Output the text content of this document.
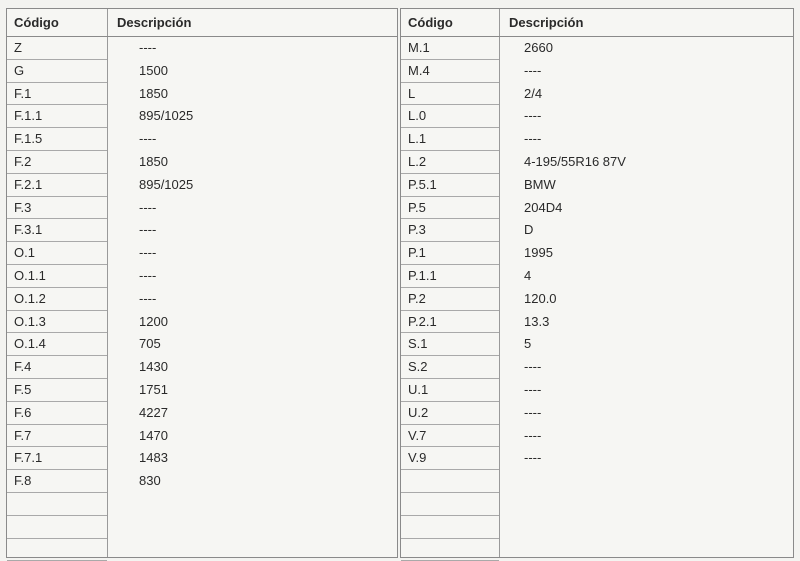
Código	Descripción
Z	----
G	1500
F.1	1850
F.1.1	895/1025
F.1.5	----
F.2	1850
F.2.1	895/1025
F.3	----
F.3.1	----
O.1	----
O.1.1	----
O.1.2	----
O.1.3	1200
O.1.4	705
F.4	1430
F.5	1751
F.6	4227
F.7	1470
F.7.1	1483
F.8	830
Código	Descripción
M.1	2660
M.4	----
L	2/4
L.0	----
L.1	----
L.2	4-195/55R16 87V
P.5.1	BMW
P.5	204D4
P.3	D
P.1	1995
P.1.1	4
P.2	120.0
P.2.1	13.3
S.1	5
S.2	----
U.1	----
U.2	----
V.7	----
V.9	----
